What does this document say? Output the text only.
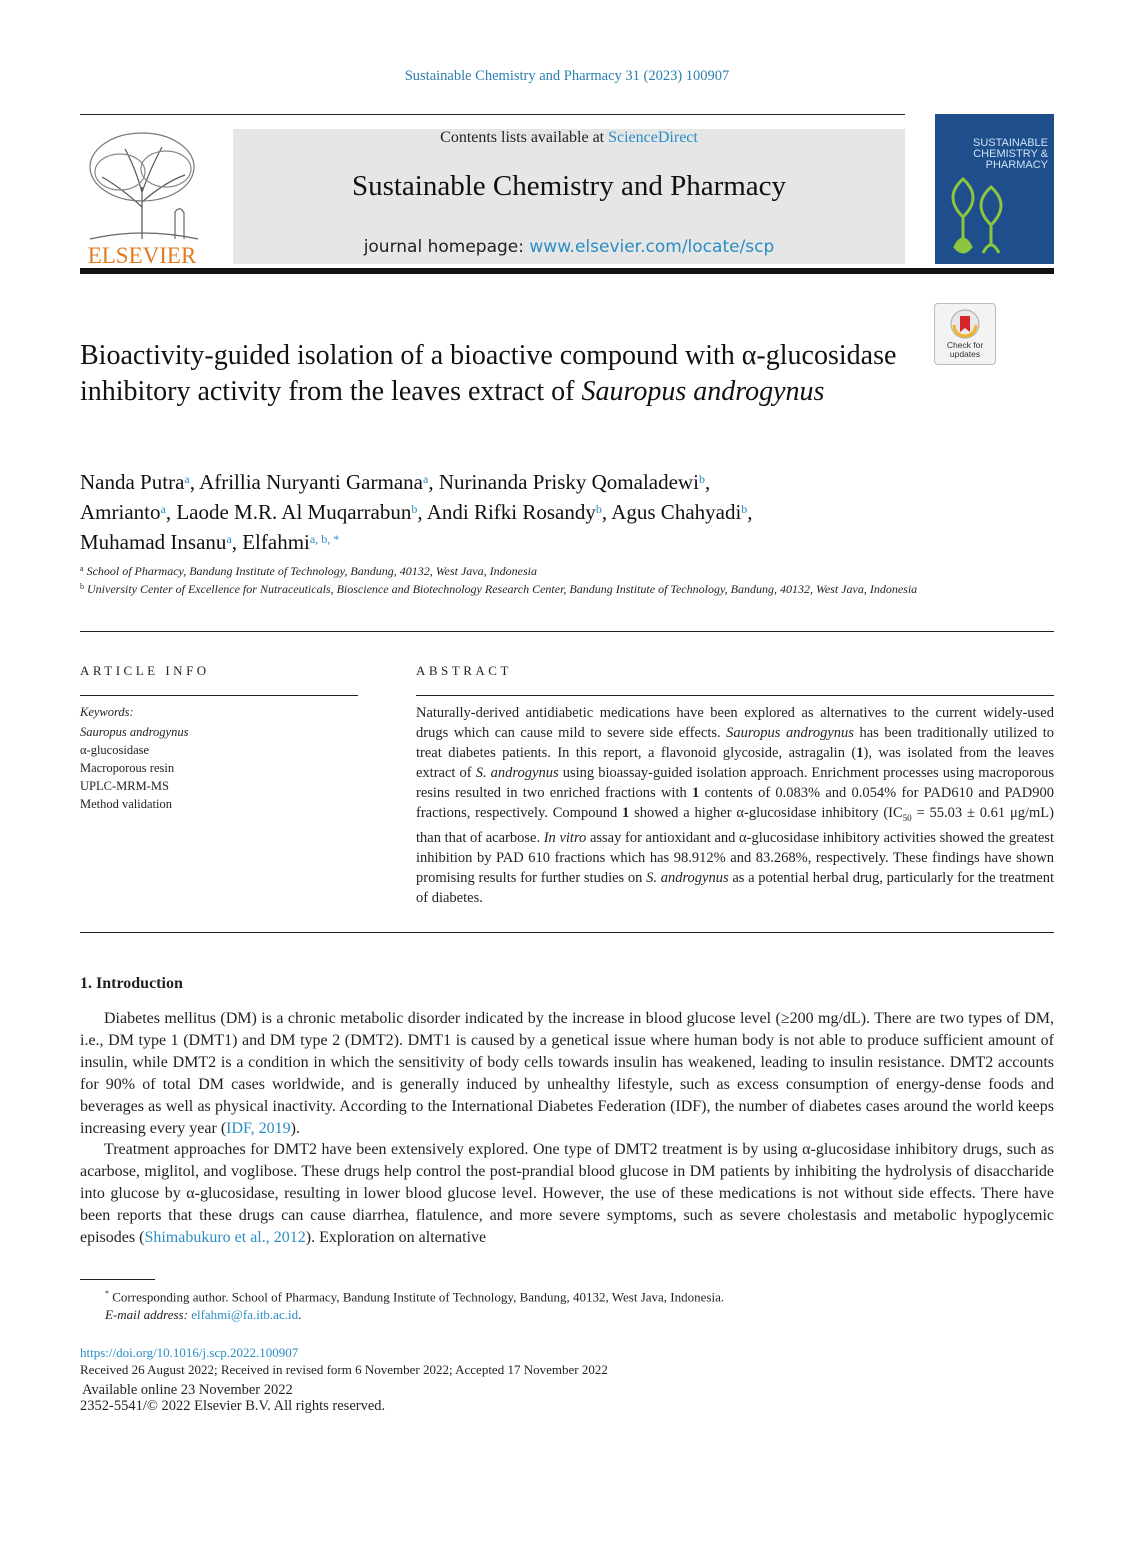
Sustainable Chemistry and Pharmacy 31 (2023) 100907
ELSEVIER
Contents lists available at ScienceDirect
Sustainable Chemistry and Pharmacy
journal homepage: www.elsevier.com/locate/scp
SUSTAINABLE
CHEMISTRY &
PHARMACY
Check for
updates
Bioactivity-guided isolation of a bioactive compound with α-glucosidase inhibitory activity from the leaves extract of Sauropus androgynus
Nanda Putra$^a$, Afrillia Nuryanti Garmana$^a$, Nurinanda Prisky Qomaladewi$^b$,
Amrianto$^a$, Laode M.R. Al Muqarrabun$^b$, Andi Rifki Rosandy$^b$, Agus Chahyadi$^b$,
Muhamad Insanu$^a$, Elfahmi$^{a, b, *}$
$^a$ School of Pharmacy, Bandung Institute of Technology, Bandung, 40132, West Java, Indonesia
$^b$ University Center of Excellence for Nutraceuticals, Bioscience and Biotechnology Research Center, Bandung Institute of Technology, Bandung, 40132, West Java, Indonesia
ARTICLE INFO
Keywords:
Sauropus androgynus
α-glucosidase
Macroporous resin
UPLC-MRM-MS
Method validation
ABSTRACT
Naturally-derived antidiabetic medications have been explored as alternatives to the current widely-used drugs which can cause mild to severe side effects. Sauropus androgynus has been traditionally utilized to treat diabetes patients. In this report, a flavonoid glycoside, astragalin (1), was isolated from the leaves extract of S. androgynus using bioassay-guided isolation approach. Enrichment processes using macroporous resins resulted in two enriched fractions with 1 contents of 0.083% and 0.054% for PAD610 and PAD900 fractions, respectively. Compound 1 showed a higher α-glucosidase inhibitory ($IC_{50} = 55.03 \pm 0.61$ μg/mL) than that of acarbose. In vitro assay for antioxidant and α-glucosidase inhibitory activities showed the greatest inhibition by PAD 610 fractions which has 98.912% and 83.268%, respectively. These findings have shown promising results for further studies on S. androgynus as a potential herbal drug, particularly for the treatment of diabetes.
1. Introduction
Diabetes mellitus (DM) is a chronic metabolic disorder indicated by the increase in blood glucose level (≥200 mg/dL). There are two types of DM, i.e., DM type 1 (DMT1) and DM type 2 (DMT2). DMT1 is caused by a genetical issue where human body is not able to produce sufficient amount of insulin, while DMT2 is a condition in which the sensitivity of body cells towards insulin has weakened, leading to insulin resistance. DMT2 accounts for 90% of total DM cases worldwide, and is generally induced by unhealthy lifestyle, such as excess consumption of energy-dense foods and beverages as well as physical inactivity. According to the International Diabetes Federation (IDF), the number of diabetes cases around the world keeps increasing every year (IDF, 2019).
Treatment approaches for DMT2 have been extensively explored. One type of DMT2 treatment is by using α-glucosidase inhibitory drugs, such as acarbose, miglitol, and voglibose. These drugs help control the post-prandial blood glucose in DM patients by inhibiting the hydrolysis of disaccharide into glucose by α-glucosidase, resulting in lower blood glucose level. However, the use of these medications is not without side effects. There have been reports that these drugs can cause diarrhea, flatulence, and more severe symptoms, such as severe cholestasis and metabolic hypoglycemic episodes (Shimabukuro et al., 2012). Exploration on alternative
* Corresponding author. School of Pharmacy, Bandung Institute of Technology, Bandung, 40132, West Java, Indonesia.
E-mail address: elfahmi@fa.itb.ac.id.
https://doi.org/10.1016/j.scp.2022.100907
Received 26 August 2022; Received in revised form 6 November 2022; Accepted 17 November 2022
Available online 23 November 2022
2352-5541/© 2022 Elsevier B.V. All rights reserved.
